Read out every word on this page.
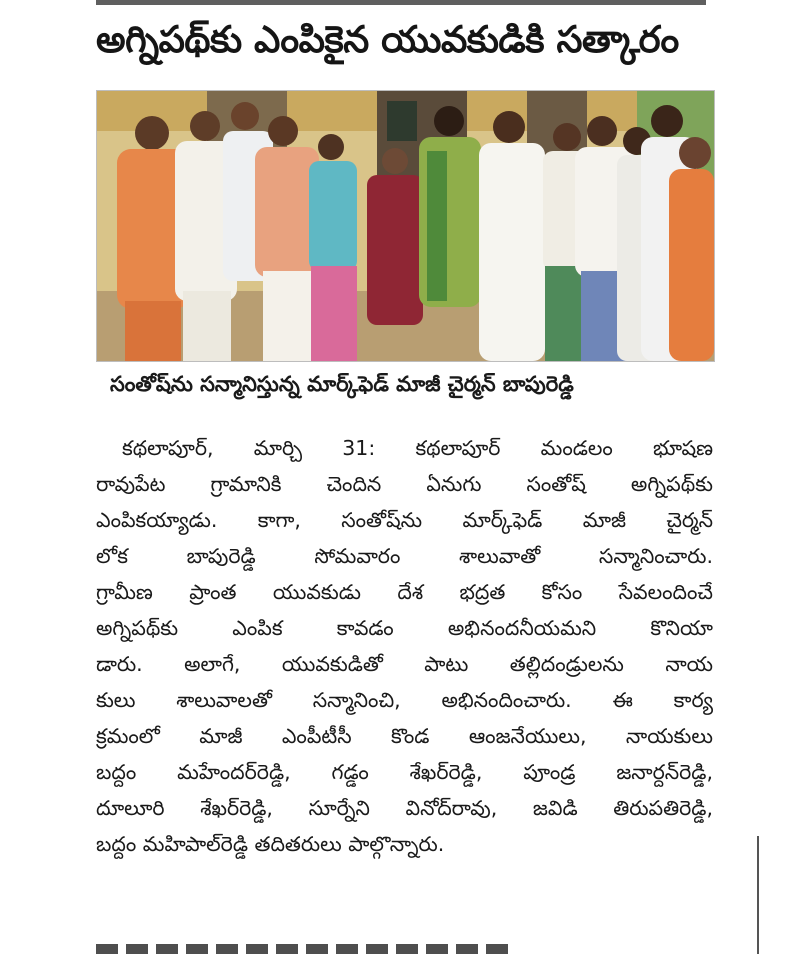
అగ్నిపథ్‌కు ఎంపికైన యువకుడికి సత్కారం
సంతోష్‌ను సన్మానిస్తున్న మార్క్‌ఫెడ్ మాజీ చైర్మన్ బాపురెడ్డి
కథలాపూర్, మార్చి 31: కథలాపూర్ మండలం భూషణ
రావుపేట గ్రామానికి చెందిన ఏనుగు సంతోష్ అగ్నిపథ్‌కు
ఎంపికయ్యాడు. కాగా, సంతోష్‌ను మార్క్‌ఫెడ్ మాజీ చైర్మన్
లోక బాపురెడ్డి సోమవారం శాలువాతో సన్మానించారు.
గ్రామీణ ప్రాంత యువకుడు దేశ భద్రత కోసం సేవలందించే
అగ్నిపథ్‌కు ఎంపిక కావడం అభినందనీయమని కొనియా
డారు. అలాగే, యువకుడితో పాటు తల్లిదండ్రులను నాయ
కులు శాలువాలతో సన్మానించి, అభినందించారు. ఈ కార్య
క్రమంలో మాజీ ఎంపీటీసీ కొండ ఆంజనేయులు, నాయకులు
బద్దం మహేందర్‌రెడ్డి, గడ్డం శేఖర్‌రెడ్డి, పూండ్ర జనార్దన్‌రెడ్డి,
దూలూరి శేఖర్‌రెడ్డి, సూర్నేని వినోద్‌రావు, జవిడి తిరుపతిరెడ్డి,
బద్దం మహిపాల్‌రెడ్డి తదితరులు పాల్గొన్నారు.
